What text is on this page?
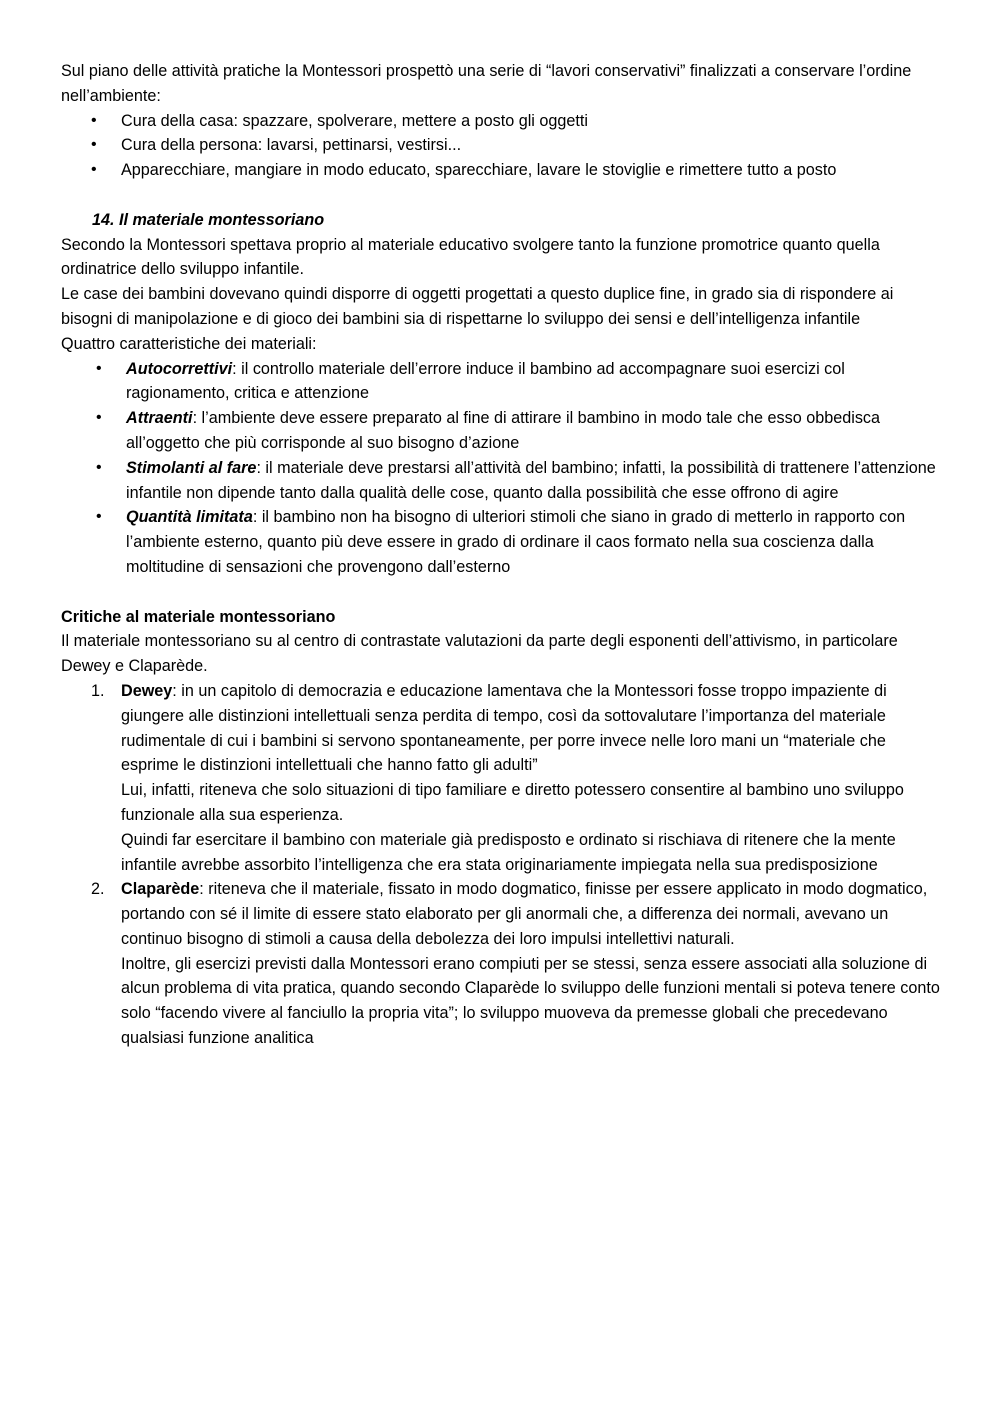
Sul piano delle attività pratiche la Montessori prospettò una serie di “lavori conservativi” finalizzati a conservare l’ordine nell’ambiente:

• Cura della casa: spazzare, spolverare, mettere a posto gli oggetti
• Cura della persona: lavarsi, pettinarsi, vestirsi...
• Apparecchiare, mangiare in modo educato, sparecchiare, lavare le stoviglie e rimettere tutto a posto

14. Il materiale montessoriano

Secondo la Montessori spettava proprio al materiale educativo svolgere tanto la funzione promotrice quanto quella ordinatrice dello sviluppo infantile.

Le case dei bambini dovevano quindi disporre di oggetti progettati a questo duplice fine, in grado sia di rispondere ai bisogni di manipolazione e di gioco dei bambini sia di rispettarne lo sviluppo dei sensi e dell’intelligenza infantile

Quattro caratteristiche dei materiali:

• Autocorrettivi: il controllo materiale dell’errore induce il bambino ad accompagnare suoi esercizi col ragionamento, critica e attenzione
• Attraenti: l’ambiente deve essere preparato al fine di attirare il bambino in modo tale che esso obbedisca all’oggetto che più corrisponde al suo bisogno d’azione
• Stimolanti al fare: il materiale deve prestarsi all’attività del bambino; infatti, la possibilità di trattenere l’attenzione infantile non dipende tanto dalla qualità delle cose, quanto dalla possibilità che esse offrono di agire
• Quantità limitata: il bambino non ha bisogno di ulteriori stimoli che siano in grado di metterlo in rapporto con l’ambiente esterno, quanto più deve essere in grado di ordinare il caos formato nella sua coscienza dalla moltitudine di sensazioni che provengono dall’esterno

Critiche al materiale montessoriano

Il materiale montessoriano su al centro di contrastate valutazioni da parte degli esponenti dell’attivismo, in particolare Dewey e Claparède.

1. Dewey: in un capitolo di democrazia e educazione lamentava che la Montessori fosse troppo impaziente di giungere alle distinzioni intellettuali senza perdita di tempo, così da sottovalutare l’importanza del materiale rudimentale di cui i bambini si servono spontaneamente, per porre invece nelle loro mani un “materiale che esprime le distinzioni intellettuali che hanno fatto gli adulti”

Lui, infatti, riteneva che solo situazioni di tipo familiare e diretto potessero consentire al bambino uno sviluppo funzionale alla sua esperienza.

Quindi far esercitare il bambino con materiale già predisposto e ordinato si rischiava di ritenere che la mente infantile avrebbe assorbito l’intelligenza che era stata originariamente impiegata nella sua predisposizione

2. Claparède: riteneva che il materiale, fissato in modo dogmatico, finisse per essere applicato in modo dogmatico, portando con sé il limite di essere stato elaborato per gli anormali che, a differenza dei normali, avevano un continuo bisogno di stimoli a causa della debolezza dei loro impulsi intellettivi naturali.

Inoltre, gli esercizi previsti dalla Montessori erano compiuti per se stessi, senza essere associati alla soluzione di alcun problema di vita pratica, quando secondo Claparède lo sviluppo delle funzioni mentali si poteva tenere conto solo “facendo vivere al fanciullo la propria vita”; lo sviluppo muoveva da premesse globali che precedevano qualsiasi funzione analitica
